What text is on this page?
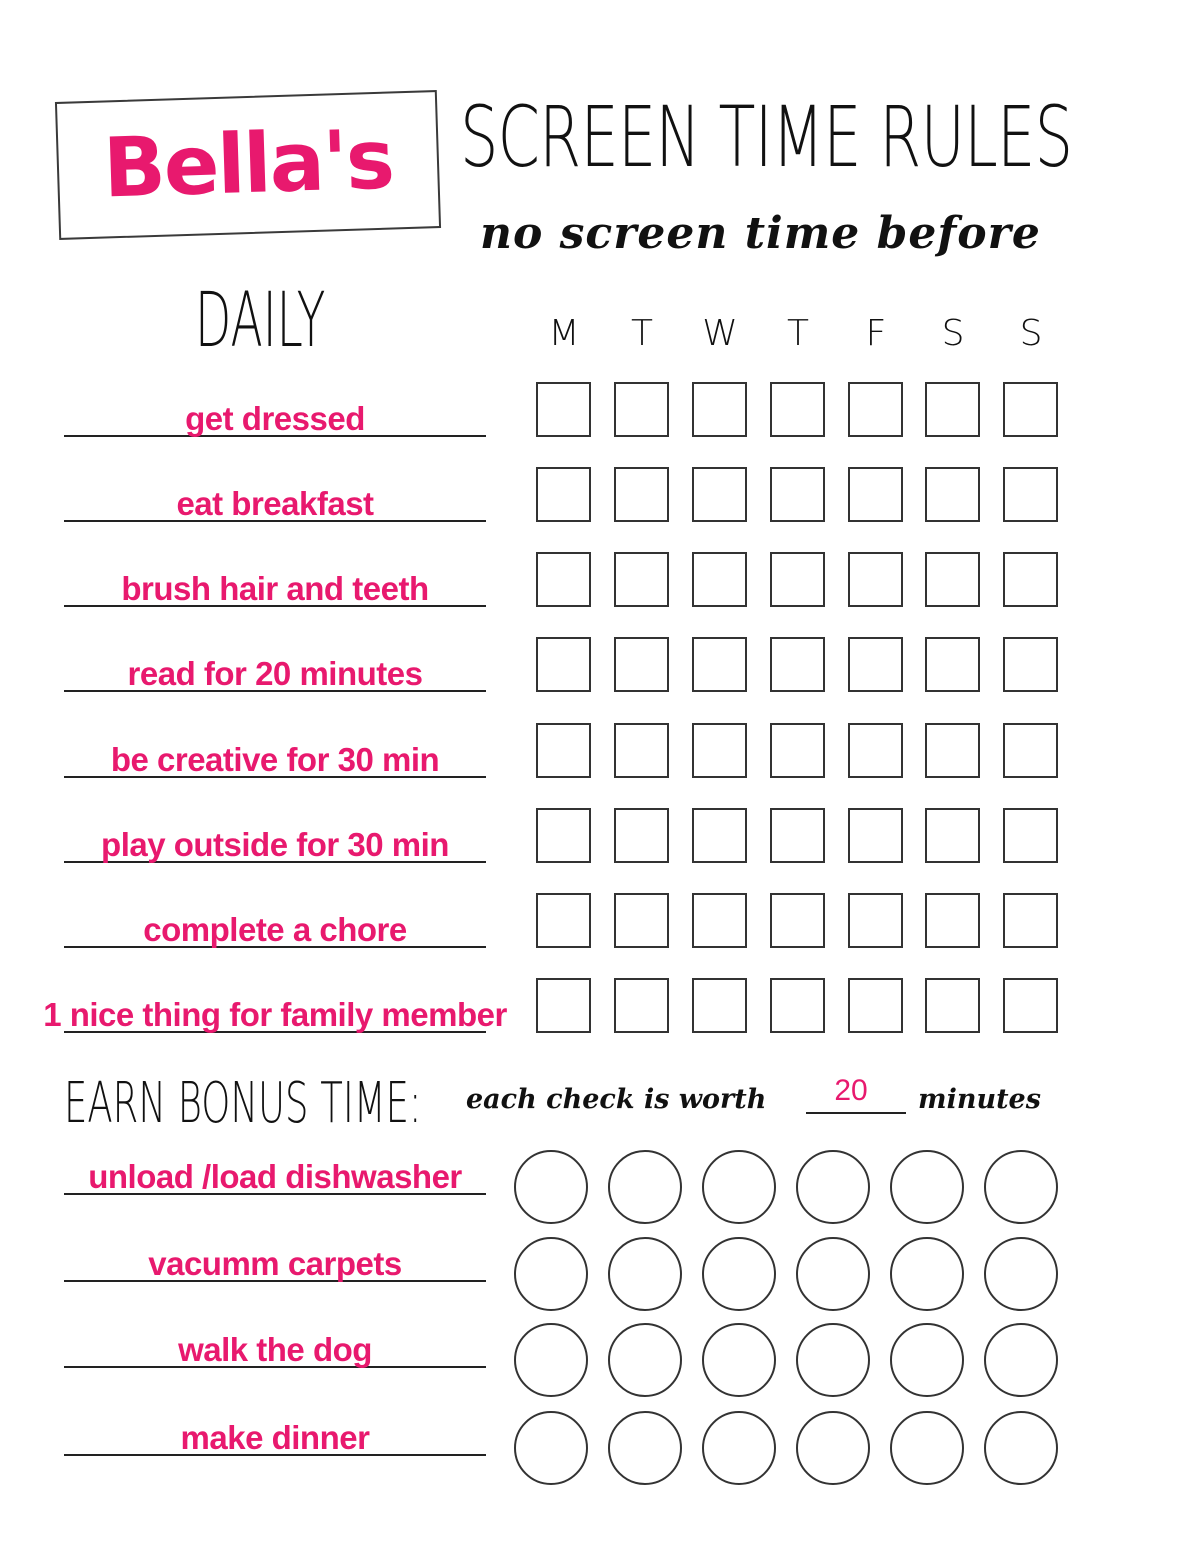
Bella's SCREEN TIME RULES
no screen time before
DAILY	M	T	W	T	F	S	S
get dressed
eat breakfast
brush hair and teeth
read for 20 minutes
be creative for 30 min
play outside for 30 min
complete a chore
1 nice thing for family member
EARN BONUS TIME: each check is worth	20	minutes
unload /load dishwasher
vacumm carpets
walk the dog
make dinner
